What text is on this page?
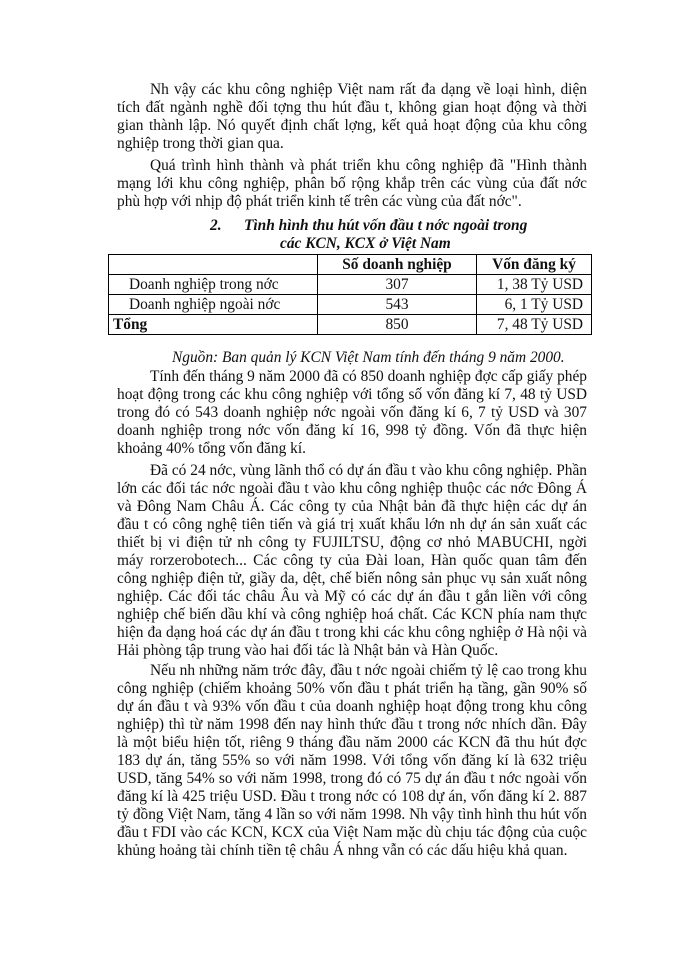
Nh vậy các khu công nghiệp Việt nam rất đa dạng về loại hình, diện tích đất ngành nghề đối tợng thu hút đầu t, không gian hoạt động và thời gian thành lập. Nó quyết định chất lợng, kết quả hoạt động của khu công nghiệp trong thời gian qua.

Quá trình hình thành và phát triển khu công nghiệp đã "Hình thành mạng lới khu công nghiệp, phân bố rộng khắp trên các vùng của đất nớc phù hợp với nhịp độ phát triển kinh tế trên các vùng của đất nớc".

2. Tình hình thu hút vốn đầu t nớc ngoài trong
các KCN, KCX ở Việt Nam
	Số doanh nghiệp	Vốn đăng ký
Doanh nghiệp trong nớc	307	1, 38 Tỷ USD
Doanh nghiệp ngoài nớc	543	6, 1 Tỷ USD
Tổng	850	7, 48 Tỷ USD
Nguồn: Ban quản lý KCN Việt Nam tính đến tháng 9 năm 2000.

Tính đến tháng 9 năm 2000 đã có 850 doanh nghiệp đợc cấp giấy phép hoạt động trong các khu công nghiệp với tổng số vốn đăng kí 7, 48 tỷ USD trong đó có 543 doanh nghiệp nớc ngoài vốn đăng kí 6, 7 tỷ USD và 307 doanh nghiệp trong nớc vốn đăng kí 16, 998 tỷ đồng. Vốn đã thực hiện khoảng 40% tổng vốn đăng kí.

Đã có 24 nớc, vùng lãnh thổ có dự án đầu t vào khu công nghiệp. Phần lớn các đối tác nớc ngoài đầu t vào khu công nghiệp thuộc các nớc Đông Á và Đông Nam Châu Á. Các công ty của Nhật bản đã thực hiện các dự án đầu t có công nghệ tiên tiến và giá trị xuất khẩu lớn nh dự án sản xuất các thiết bị vi điện tử nh công ty FUJILTSU, động cơ nhỏ MABUCHI, ngời máy rorzerobotech... Các công ty của Đài loan, Hàn quốc quan tâm đến công nghiệp điện tử, giầy da, dệt, chế biến nông sản phục vụ sản xuất nông nghiệp. Các đối tác châu Âu và Mỹ có các dự án đầu t gắn liền với công nghiệp chế biến dầu khí và công nghiệp hoá chất. Các KCN phía nam thực hiện đa dạng hoá các dự án đầu t trong khi các khu công nghiệp ở Hà nội và Hải phòng tập trung vào hai đối tác là Nhật bản và Hàn Quốc.

Nếu nh những năm trớc đây, đầu t nớc ngoài chiếm tỷ lệ cao trong khu công nghiệp (chiếm khoảng 50% vốn đầu t phát triển hạ tầng, gần 90% số dự án đầu t và 93% vốn đầu t của doanh nghiệp hoạt động trong khu công nghiệp) thì từ năm 1998 đến nay hình thức đầu t trong nớc nhích dần. Đây là một biểu hiện tốt, riêng 9 tháng đầu năm 2000 các KCN đã thu hút đợc 183 dự án, tăng 55% so với năm 1998. Với tổng vốn đăng kí là 632 triệu USD, tăng 54% so với năm 1998, trong đó có 75 dự án đầu t nớc ngoài vốn đăng kí là 425 triệu USD. Đầu t trong nớc có 108 dự án, vốn đăng kí 2. 887 tỷ đồng Việt Nam, tăng 4 lần so với năm 1998. Nh vậy tình hình thu hút vốn đầu t FDI vào các KCN, KCX của Việt Nam mặc dù chịu tác động của cuộc khủng hoảng tài chính tiền tệ châu Á nhng vẫn có các dấu hiệu khả quan.
